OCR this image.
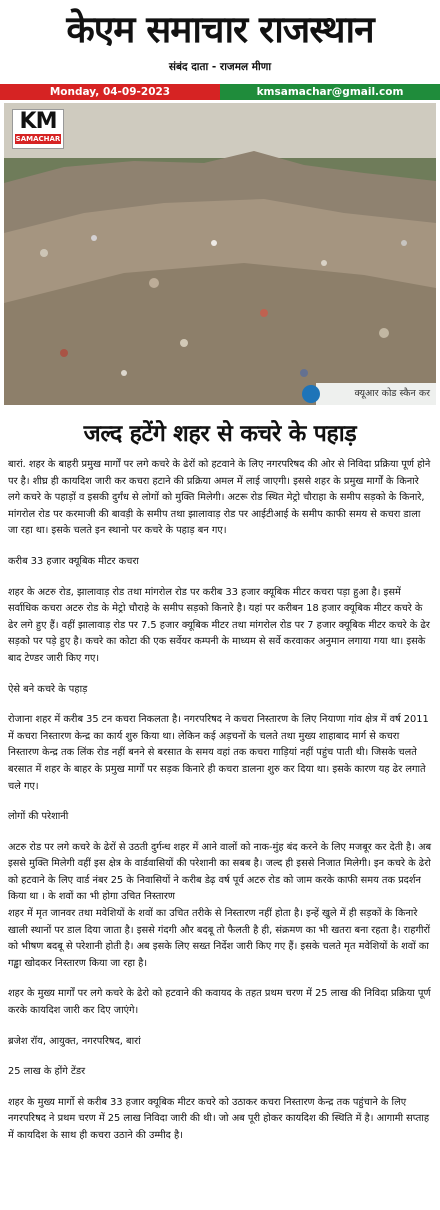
केएम समाचार राजस्थान
संबंद दाता - राजमल मीणा
Monday, 04-09-2023	kmsamachar@gmail.com
KM
SAMACHAR
क्यूआर कोड स्कैन कर
जल्द हटेंगे शहर से कचरे के पहाड़

बारां. शहर के बाहरी प्रमुख मार्गों पर लगे कचरे के ढेरों को हटवाने के लिए नगरपरिषद की ओर से निविदा प्रक्रिया पूर्ण होने पर है। शीघ्र ही कायदिश जारी कर कचरा हटाने की प्रक्रिया अमल में लाई जाएगी। इससे शहर के प्रमुख मार्गों के किनारे लगे कचरे के पहाड़ों व इसकी दुर्गंध से लोगों को मुक्ति मिलेगी। अटरू रोड स्थित मेट्रो चौराहा के समीप सड़को के किनारे, मांगरोल रोड पर करमाजी की बावड़ी के समीप तथा झालावाड़ रोड पर आईटीआई के समीप काफी समय से कचरा डाला जा रहा था। इसके चलते इन स्थानो पर कचरे के पहाड़ बन गए।

करीब 33 हजार क्यूबिक मीटर कचरा

शहर के अटरु रोड, झालावाड़ रोड तथा मांगरोल रोड पर करीब 33 हजार क्यूबिक मीटर कचरा पड़ा हुआ है। इसमें सर्वाधिक कचरा अटरु रोड के मेट्रो चौराहे के समीप सड़को किनारे है। यहां पर करीबन 18 हजार क्यूबिक मीटर कचरे के ढेर लगे हुए हैं। वहीं झालावाड़ रोड पर 7.5 हजार क्यूबिक मीटर तथा मांगरोल रोड पर 7 हजार क्यूबिक मीटर कचरे के ढेर सड़को पर पड़े हुए है। कचरे का कोटा की एक सर्वेयर कम्पनी के माध्यम से सर्वे करवाकर अनुमान लगाया गया था। इसके बाद टेण्डर जारी किए गए।

ऐसे बने कचरे के पहाड़

रोजाना शहर में करीब 35 टन कचरा निकलता है। नगरपरिषद ने कचरा निस्तारण के लिए नियाणा गांव क्षेत्र में वर्ष 2011 में कचरा निस्तारण केन्द्र का कार्य शुरु किया था। लेकिन कई अड़चनों के चलते तथा मुख्य शाहाबाद मार्ग से कचरा निस्तारण केन्द्र तक लिंक रोड नहीं बनने से बरसात के समय वहां तक कचरा गाड़ियां नहीं पहुंच पाती थी। जिसके चलते बरसात में शहर के बाहर के प्रमुख मार्गों पर सड़क किनारे ही कचरा डालना शुरु कर दिया था। इसके कारण यह ढेर लगाते चले गए।

लोगों की परेशानी

अटरु रोड पर लगे कचरे के ढेरों से उठती दुर्गन्ध शहर में आने वालों को नाक-मुंह बंद करने के लिए मजबूर कर देती है। अब इससे मुक्ति मिलेगी वहीं इस क्षेत्र के वार्डवासियों की परेशानी का सबब है। जल्द ही इससे निजात मिलेगी। इन कचरे के ढेरो को हटवाने के लिए वार्ड नंबर 25 के निवासियों ने करीब डेढ़ वर्ष पूर्व अटरु रोड को जाम करके काफी समय तक प्रदर्शन किया था । के शवों का भी होगा उचित निस्तारण

शहर में मृत जानवर तथा मवेशियों के शवों का उचित तरीके से निस्तारण नहीं होता है। इन्हें खुले में ही सड़कों के किनारे खाली स्थानों पर डाल दिया जाता है। इससे गंदगी और बदबू तो फैलती है ही, संक्रमण का भी खतरा बना रहता है। राहगीरों को भीषण बदबू से परेशानी होती है। अब इसके लिए सख्त निर्देश जारी किए गए हैं। इसके चलते मृत मवेशियों के शवों का गड्ढा खोदकर निस्तारण किया जा रहा है।

शहर के मुख्य मार्गों पर लगे कचरे के ढेरो को हटवाने की कवायद के तहत प्रथम चरण में 25 लाख की निविदा प्रक्रिया पूर्ण करके कायदिश जारी कर दिए जाएंगे।

ब्रजेश रॉय, आयुक्त, नगरपरिषद, बारां

25 लाख के होंगे टेंडर

शहर के मुख्य मार्गो से करीब 33 हजार क्यूबिक मीटर कचरे को उठाकर कचरा निस्तारण केन्द्र तक पहुंचाने के लिए नगरपरिषद ने प्रथम चरण में 25 लाख निविदा जारी की थी। जो अब पूरी होकर कायदिश की स्थिति में है। आगामी सप्ताह में कायदिश के साथ ही कचरा उठाने की उम्मीद है।
